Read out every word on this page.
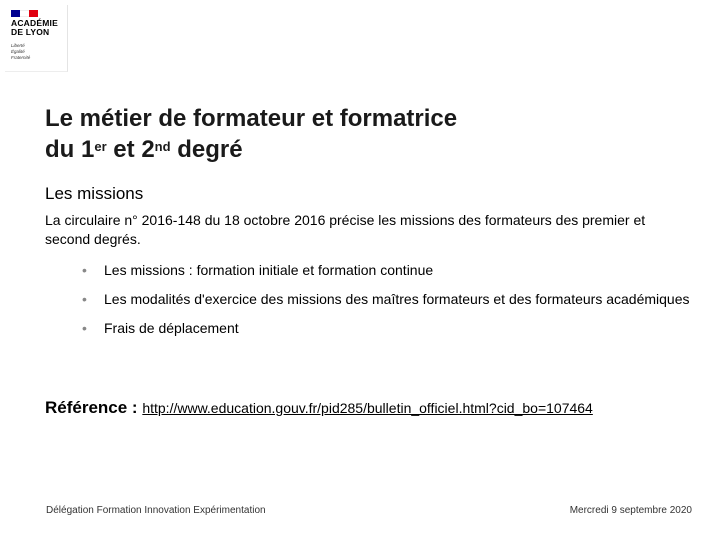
ACADÉMIE
DE LYON
Liberté
Égalité
Fraternité
Le métier de formateur et formatrice
du 1er et 2nd degré
Les missions

La circulaire n° 2016-148 du 18 octobre 2016 précise les missions des formateurs des premier et second degrés.

• Les missions : formation initiale et formation continue
• Les modalités d'exercice des missions des maîtres formateurs et des formateurs académiques
• Frais de déplacement
Référence : http://www.education.gouv.fr/pid285/bulletin_officiel.html?cid_bo=107464
Délégation Formation Innovation Expérimentation	Mercredi 9 septembre 2020
